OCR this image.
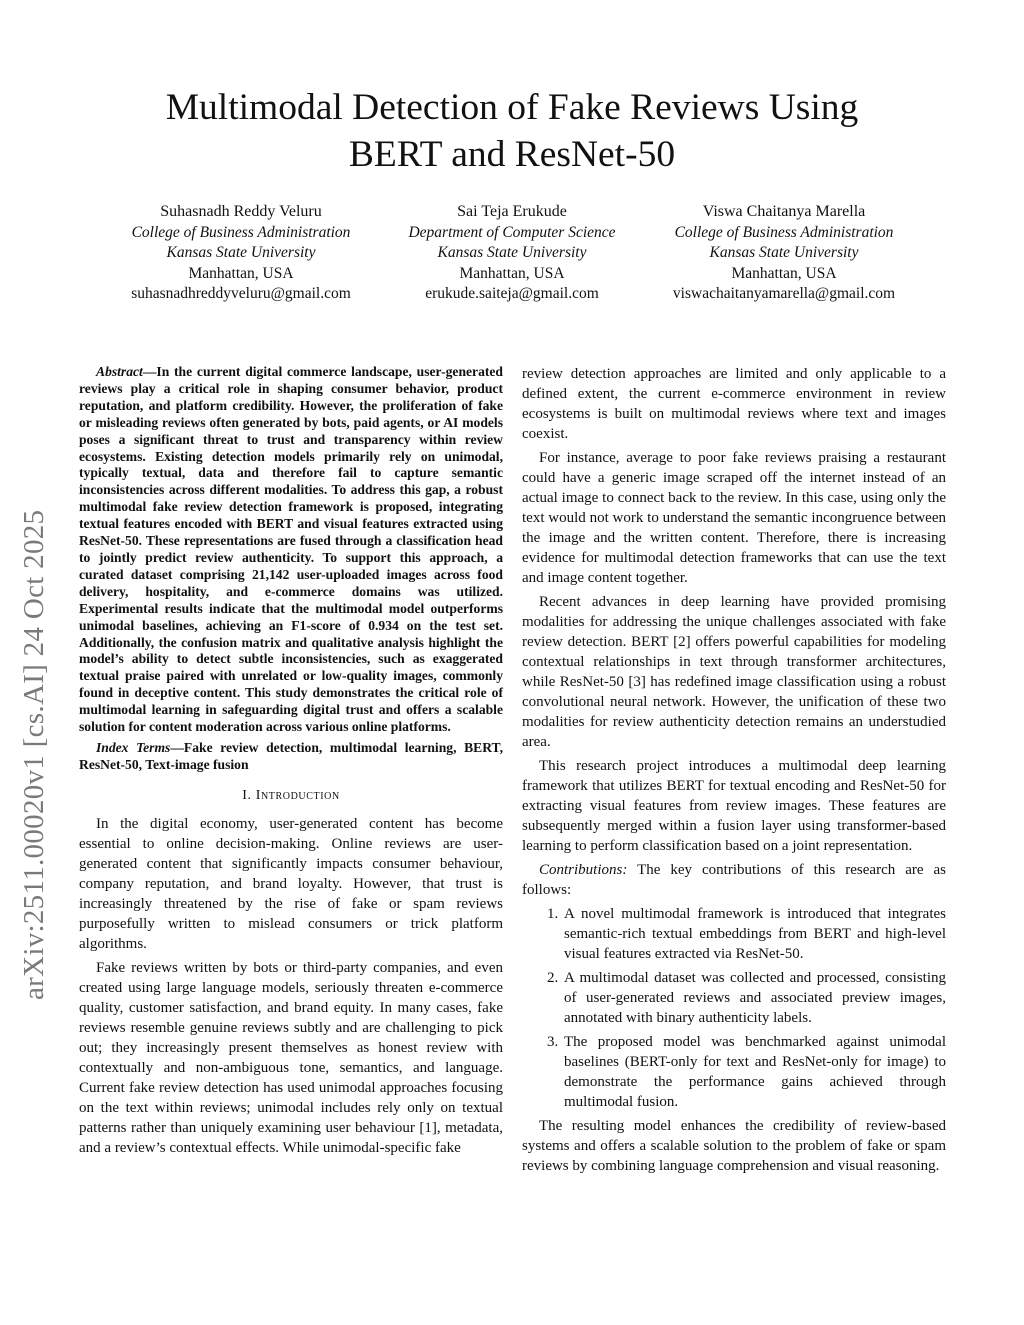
arXiv:2511.00020v1 [cs.AI] 24 Oct 2025
Multimodal Detection of Fake Reviews Using
BERT and ResNet-50
Suhasnadh Reddy Veluru
College of Business Administration
Kansas State University
Manhattan, USA
suhasnadhreddyveluru@gmail.com
Sai Teja Erukude
Department of Computer Science
Kansas State University
Manhattan, USA
erukude.saiteja@gmail.com
Viswa Chaitanya Marella
College of Business Administration
Kansas State University
Manhattan, USA
viswachaitanyamarella@gmail.com

Abstract—In the current digital commerce landscape, user-generated reviews play a critical role in shaping consumer behavior, product reputation, and platform credibility. However, the proliferation of fake or misleading reviews often generated by bots, paid agents, or AI models poses a significant threat to trust and transparency within review ecosystems. Existing detection models primarily rely on unimodal, typically textual, data and therefore fail to capture semantic inconsistencies across different modalities. To address this gap, a robust multimodal fake review detection framework is proposed, integrating textual features encoded with BERT and visual features extracted using ResNet-50. These representations are fused through a classification head to jointly predict review authenticity. To support this approach, a curated dataset comprising 21,142 user-uploaded images across food delivery, hospitality, and e-commerce domains was utilized. Experimental results indicate that the multimodal model outperforms unimodal baselines, achieving an F1-score of 0.934 on the test set. Additionally, the confusion matrix and qualitative analysis highlight the model’s ability to detect subtle inconsistencies, such as exaggerated textual praise paired with unrelated or low-quality images, commonly found in deceptive content. This study demonstrates the critical role of multimodal learning in safeguarding digital trust and offers a scalable solution for content moderation across various online platforms.

Index Terms—Fake review detection, multimodal learning, BERT, ResNet-50, Text-image fusion

I. Introduction

In the digital economy, user-generated content has become essential to online decision-making. Online reviews are user-generated content that significantly impacts consumer behaviour, company reputation, and brand loyalty. However, that trust is increasingly threatened by the rise of fake or spam reviews purposefully written to mislead consumers or trick platform algorithms.

Fake reviews written by bots or third-party companies, and even created using large language models, seriously threaten e-commerce quality, customer satisfaction, and brand equity. In many cases, fake reviews resemble genuine reviews subtly and are challenging to pick out; they increasingly present themselves as honest review with contextually and non-ambiguous tone, semantics, and language. Current fake review detection has used unimodal approaches focusing on the text within reviews; unimodal includes rely only on textual patterns rather than uniquely examining user behaviour [1], metadata, and a review’s contextual effects. While unimodal-specific fake

review detection approaches are limited and only applicable to a defined extent, the current e-commerce environment in review ecosystems is built on multimodal reviews where text and images coexist.

For instance, average to poor fake reviews praising a restaurant could have a generic image scraped off the internet instead of an actual image to connect back to the review. In this case, using only the text would not work to understand the semantic incongruence between the image and the written content. Therefore, there is increasing evidence for multimodal detection frameworks that can use the text and image content together.

Recent advances in deep learning have provided promising modalities for addressing the unique challenges associated with fake review detection. BERT [2] offers powerful capabilities for modeling contextual relationships in text through transformer architectures, while ResNet-50 [3] has redefined image classification using a robust convolutional neural network. However, the unification of these two modalities for review authenticity detection remains an understudied area.

This research project introduces a multimodal deep learning framework that utilizes BERT for textual encoding and ResNet-50 for extracting visual features from review images. These features are subsequently merged within a fusion layer using transformer-based learning to perform classification based on a joint representation.

Contributions: The key contributions of this research are as follows:

1. A novel multimodal framework is introduced that integrates semantic-rich textual embeddings from BERT and high-level visual features extracted via ResNet-50.
2. A multimodal dataset was collected and processed, consisting of user-generated reviews and associated preview images, annotated with binary authenticity labels.
3. The proposed model was benchmarked against unimodal baselines (BERT-only for text and ResNet-only for image) to demonstrate the performance gains achieved through multimodal fusion.

The resulting model enhances the credibility of review-based systems and offers a scalable solution to the problem of fake or spam reviews by combining language comprehension and visual reasoning.
